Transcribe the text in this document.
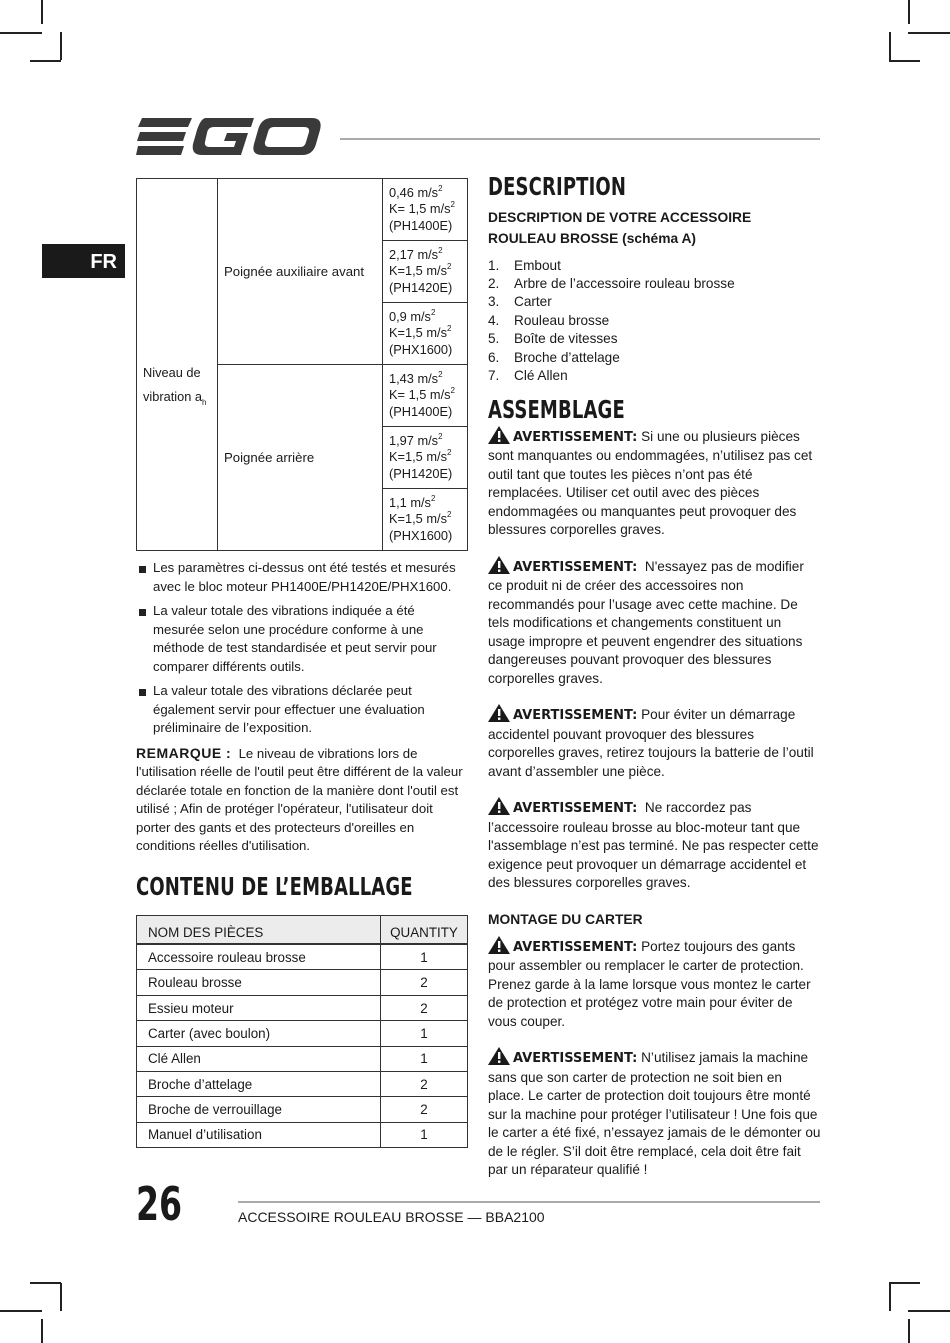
FR
Niveau de
vibration $a_h$	Poignée auxiliaire avant	0,46 $m/s^2$
K= 1,5 $m/s^2$
(PH1400E)
		2,17 $m/s^2$
K=1,5 $m/s^2$
(PH1420E)
		0,9 $m/s^2$
K=1,5 $m/s^2$
(PHX1600)
	Poignée arrière	1,43 $m/s^2$
K= 1,5 $m/s^2$
(PH1400E)
		1,97 $m/s^2$
K=1,5 $m/s^2$
(PH1420E)
		1,1 $m/s^2$
K=1,5 $m/s^2$
(PHX1600)
Les paramètres ci-dessus ont été testés et mesurés avec le bloc moteur PH1400E/PH1420E/PHX1600.
La valeur totale des vibrations indiquée a été mesurée selon une procédure conforme à une méthode de test standardisée et peut servir pour comparer différents outils.
La valeur totale des vibrations déclarée peut également servir pour effectuer une évaluation préliminaire de l’exposition.
REMARQUE : Le niveau de vibrations lors de l'utilisation réelle de l'outil peut être différent de la valeur déclarée totale en fonction de la manière dont l'outil est utilisé ; Afin de protéger l'opérateur, l'utilisateur doit porter des gants et des protecteurs d'oreilles en conditions réelles d'utilisation.
CONTENU DE L’EMBALLAGE
NOM DES PIÈCES	QUANTITY
Accessoire rouleau brosse	1
Rouleau brosse	2
Essieu moteur	2
Carter (avec boulon)	1
Clé Allen	1
Broche d’attelage	2
Broche de verrouillage	2
Manuel d’utilisation	1
DESCRIPTION
DESCRIPTION DE VOTRE ACCESSOIRE ROULEAU BROSSE (schéma A)
1.	Embout
2.	Arbre de l’accessoire rouleau brosse
3.	Carter
4.	Rouleau brosse
5.	Boîte de vitesses
6.	Broche d’attelage
7.	Clé Allen
ASSEMBLAGE
AVERTISSEMENT: Si une ou plusieurs pièces sont manquantes ou endommagées, n’utilisez pas cet outil tant que toutes les pièces n’ont pas été remplacées. Utiliser cet outil avec des pièces endommagées ou manquantes peut provoquer des blessures corporelles graves.
AVERTISSEMENT: N'essayez pas de modifier ce produit ni de créer des accessoires non recommandés pour l’usage avec cette machine. De tels modifications et changements constituent un usage impropre et peuvent engendrer des situations dangereuses pouvant provoquer des blessures corporelles graves.
AVERTISSEMENT: Pour éviter un démarrage accidentel pouvant provoquer des blessures corporelles graves, retirez toujours la batterie de l’outil avant d’assembler une pièce.
AVERTISSEMENT: Ne raccordez pas l’accessoire rouleau brosse au bloc-moteur tant que l'assemblage n’est pas terminé. Ne pas respecter cette exigence peut provoquer un démarrage accidentel et des blessures corporelles graves.
MONTAGE DU CARTER
AVERTISSEMENT: Portez toujours des gants pour assembler ou remplacer le carter de protection. Prenez garde à la lame lorsque vous montez le carter de protection et protégez votre main pour éviter de vous couper.
AVERTISSEMENT: N’utilisez jamais la machine sans que son carter de protection ne soit bien en place. Le carter de protection doit toujours être monté sur la machine pour protéger l’utilisateur ! Une fois que le carter a été fixé, n’essayez jamais de le démonter ou de le régler. S’il doit être remplacé, cela doit être fait par un réparateur qualifié !
26	ACCESSOIRE ROULEAU BROSSE — BBA2100
